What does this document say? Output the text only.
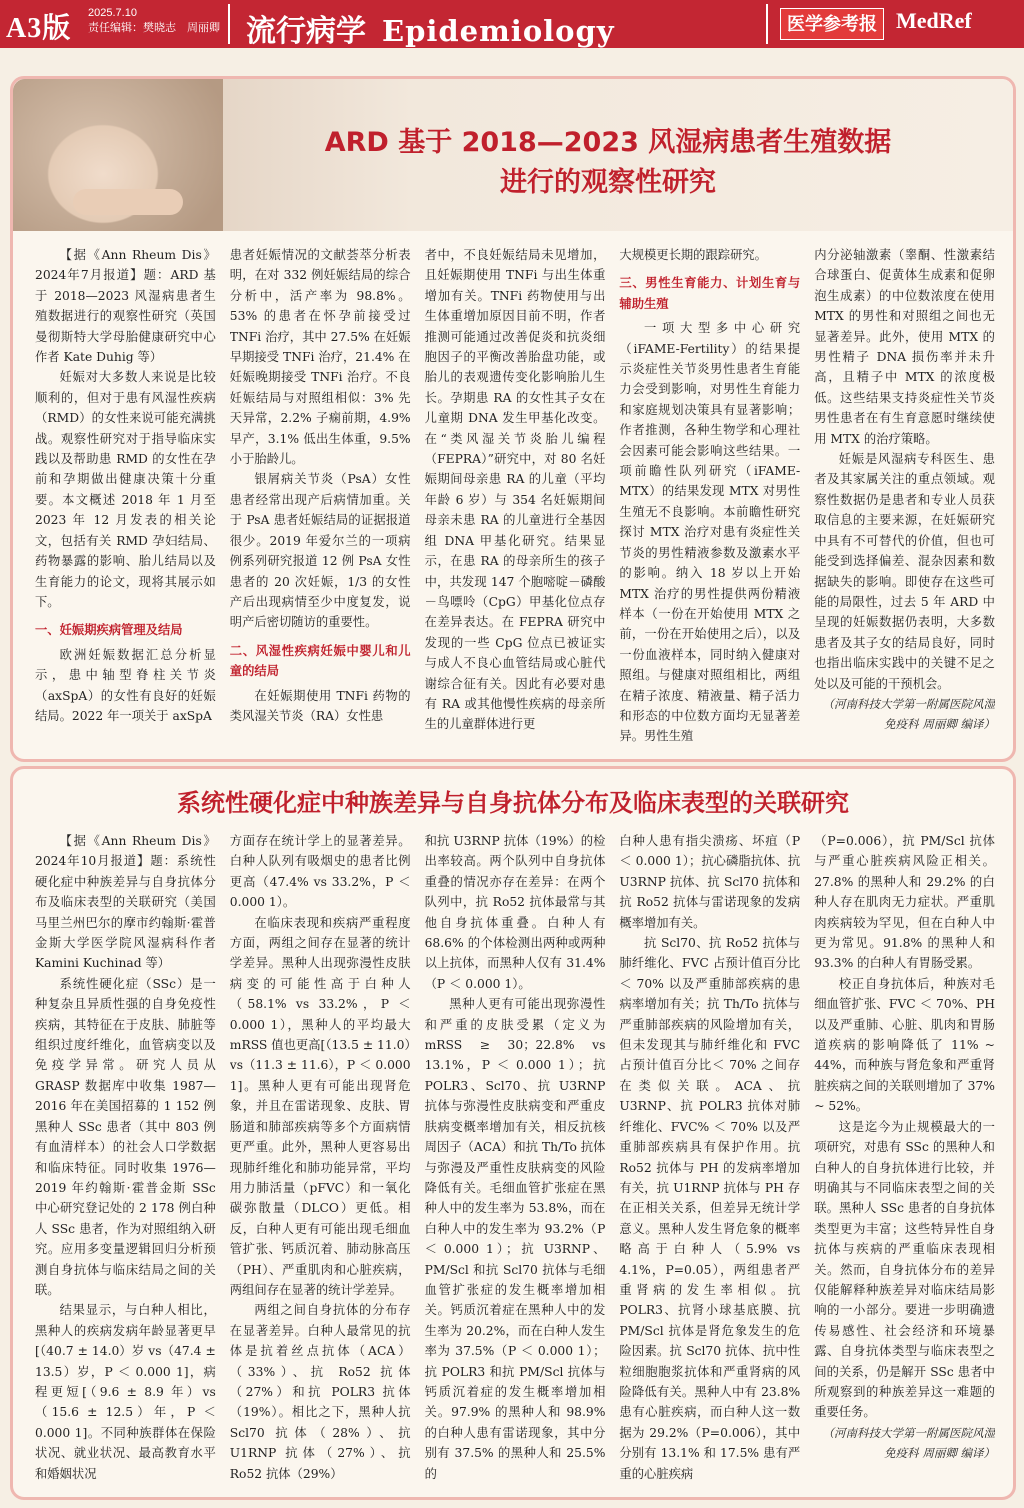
A3版 2025.7.10
责任编辑：樊晓志　周丽卿 流行病学 Epidemiology	医学参考报 MedRef
ARD 基于 2018—2023 风湿病患者生殖数据
进行的观察性研究

【据《Ann Rheum Dis》2024年7月报道】题：ARD 基于 2018—2023 风湿病患者生殖数据进行的观察性研究（英国曼彻斯特大学母胎健康研究中心作者 Kate Duhig 等）

妊娠对大多数人来说是比较顺利的，但对于患有风湿性疾病（RMD）的女性来说可能充满挑战。观察性研究对于指导临床实践以及帮助患 RMD 的女性在孕前和孕期做出健康决策十分重要。本文概述 2018 年 1 月至 2023 年 12 月发表的相关论文，包括有关 RMD 孕妇结局、药物暴露的影响、胎儿结局以及生育能力的论文，现将其展示如下。

一、妊娠期疾病管理及结局

欧洲妊娠数据汇总分析显示，患中轴型脊柱关节炎（axSpA）的女性有良好的妊娠结局。2022 年一项关于 axSpA

患者妊娠情况的文献荟萃分析表明，在对 332 例妊娠结局的综合分析中，活产率为 98.8%。53% 的患者在怀孕前接受过 TNFi 治疗，其中 27.5% 在妊娠早期接受 TNFi 治疗，21.4% 在妊娠晚期接受 TNFi 治疗。不良妊娠结局与对照组相似：3% 先天异常，2.2% 子痫前期，4.9% 早产，3.1% 低出生体重，9.5% 小于胎龄儿。

银屑病关节炎（PsA）女性患者经常出现产后病情加重。关于 PsA 患者妊娠结局的证据报道很少。2019 年爱尔兰的一项病例系列研究报道 12 例 PsA 女性患者的 20 次妊娠，1/3 的女性产后出现病情至少中度复发，说明产后密切随访的重要性。

二、风湿性疾病妊娠中婴儿和儿童的结局

在妊娠期使用 TNFi 药物的类风湿关节炎（RA）女性患

者中，不良妊娠结局未见增加，且妊娠期使用 TNFi 与出生体重增加有关。TNFi 药物使用与出生体重增加原因目前不明，作者推测可能通过改善促炎和抗炎细胞因子的平衡改善胎盘功能，或胎儿的表观遗传变化影响胎儿生长。孕期患 RA 的女性其子女在儿童期 DNA 发生甲基化改变。在“类风湿关节炎胎儿编程（FEPRA）”研究中，对 80 名妊娠期间母亲患 RA 的儿童（平均年龄 6 岁）与 354 名妊娠期间母亲未患 RA 的儿童进行全基因组 DNA 甲基化研究。结果显示，在患 RA 的母亲所生的孩子中，共发现 147 个胞嘧啶－磷酸－鸟嘌呤（CpG）甲基化位点存在差异表达。在 FEPRA 研究中发现的一些 CpG 位点已被证实与成人不良心血管结局或心脏代谢综合征有关。因此有必要对患有 RA 或其他慢性疾病的母亲所生的儿童群体进行更

大规模更长期的跟踪研究。

三、男性生育能力、计划生育与辅助生殖

一项大型多中心研究（iFAME-Fertility）的结果提示炎症性关节炎男性患者生育能力会受到影响，对男性生育能力和家庭规划决策具有显著影响；作者推测，各种生物学和心理社会因素可能会影响这些结果。一项前瞻性队列研究（iFAME-MTX）的结果发现 MTX 对男性生殖无不良影响。本前瞻性研究探讨 MTX 治疗对患有炎症性关节炎的男性精液参数及激素水平的影响。纳入 18 岁以上开始 MTX 治疗的男性提供两份精液样本（一份在开始使用 MTX 之前，一份在开始使用之后），以及一份血液样本，同时纳入健康对照组。与健康对照组相比，两组在精子浓度、精液量、精子活力和形态的中位数方面均无显著差异。男性生殖

内分泌轴激素（睾酮、性激素结合球蛋白、促黄体生成素和促卵泡生成素）的中位数浓度在使用 MTX 的男性和对照组之间也无显著差异。此外，使用 MTX 的男性精子 DNA 损伤率并未升高，且精子中 MTX 的浓度极低。这些结果支持炎症性关节炎男性患者在有生育意愿时继续使用 MTX 的治疗策略。

妊娠是风湿病专科医生、患者及其家属关注的重点领域。观察性数据仍是患者和专业人员获取信息的主要来源，在妊娠研究中具有不可替代的价值，但也可能受到选择偏差、混杂因素和数据缺失的影响。即使存在这些可能的局限性，过去 5 年 ARD 中呈现的妊娠数据仍表明，大多数患者及其子女的结局良好，同时也指出临床实践中的关键不足之处以及可能的干预机会。

（河南科技大学第一附属医院风湿免疫科 周丽卿 编译）

系统性硬化症中种族差异与自身抗体分布及临床表型的关联研究

【据《Ann Rheum Dis》2024年10月报道】题：系统性硬化症中种族差异与自身抗体分布及临床表型的关联研究（美国马里兰州巴尔的摩市约翰斯·霍普金斯大学医学院风湿病科作者 Kamini Kuchinad 等）

系统性硬化症（SSc）是一种复杂且异质性强的自身免疫性疾病，其特征在于皮肤、肺脏等组织过度纤维化，血管病变以及免疫学异常。研究人员从 GRASP 数据库中收集 1987—2016 年在美国招募的 1 152 例黑种人 SSc 患者（其中 803 例有血清样本）的社会人口学数据和临床特征。同时收集 1976—2019 年约翰斯·霍普金斯 SSc 中心研究登记处的 2 178 例白种人 SSc 患者，作为对照组纳入研究。应用多变量逻辑回归分析预测自身抗体与临床结局之间的关联。

结果显示，与白种人相比，黑种人的疾病发病年龄显著更早[（40.7 ± 14.0）岁 vs（47.4 ± 13.5）岁，P ＜ 0.000 1]，病程更短[（9.6 ± 8.9 年）vs（15.6 ± 12.5）年，P ＜ 0.000 1]。不同种族群体在保险状况、就业状况、最高教育水平和婚姻状况

方面存在统计学上的显著差异。白种人队列有吸烟史的患者比例更高（47.4% vs 33.2%，P ＜ 0.000 1）。

在临床表现和疾病严重程度方面，两组之间存在显著的统计学差异。黑种人出现弥漫性皮肤病变的可能性高于白种人（58.1% vs 33.2%，P ＜ 0.000 1），黑种人的平均最大 mRSS 值也更高[（13.5 ± 11.0）vs（11.3 ± 11.6），P ＜ 0.000 1]。黑种人更有可能出现肾危象，并且在雷诺现象、皮肤、胃肠道和肺部疾病等多个方面病情更严重。此外，黑种人更容易出现肺纤维化和肺功能异常，平均用力肺活量（pFVC）和一氧化碳弥散量（DLCO）更低。相反，白种人更有可能出现毛细血管扩张、钙质沉着、肺动脉高压（PH）、严重肌肉和心脏疾病，两组间存在显著的统计学差异。

两组之间自身抗体的分布存在显著差异。白种人最常见的抗体是抗着丝点抗体（ACA）（33%）、抗 Ro52 抗体（27%）和抗 POLR3 抗体（19%）。相比之下，黑种人抗 Scl70 抗体（28%）、抗 U1RNP 抗体（27%）、抗 Ro52 抗体（29%）

和抗 U3RNP 抗体（19%）的检出率较高。两个队列中自身抗体重叠的情况亦存在差异：在两个队列中，抗 Ro52 抗体最常与其他自身抗体重叠。白种人有 68.6% 的个体检测出两种或两种以上抗体，而黑种人仅有 31.4%（P ＜ 0.000 1）。

黑种人更有可能出现弥漫性和严重的皮肤受累（定义为 mRSS ≥ 30；22.8% vs 13.1%，P ＜ 0.000 1）；抗 POLR3、Scl70、抗 U3RNP 抗体与弥漫性皮肤病变和严重皮肤病变概率增加有关，相反抗核周因子（ACA）和抗 Th/To 抗体与弥漫及严重性皮肤病变的风险降低有关。毛细血管扩张症在黑种人中的发生率为 53.8%，而在白种人中的发生率为 93.2%（P ＜ 0.000 1）；抗 U3RNP、PM/Scl 和抗 Scl70 抗体与毛细血管扩张症的发生概率增加相关。钙质沉着症在黑种人中的发生率为 20.2%，而在白种人发生率为 37.5%（P ＜ 0.000 1）；抗 POLR3 和抗 PM/Scl 抗体与钙质沉着症的发生概率增加相关。97.9% 的黑种人和 98.9% 的白种人患有雷诺现象，其中分别有 37.5% 的黑种人和 25.5% 的

白种人患有指尖溃疡、坏疽（P ＜ 0.000 1）；抗心磷脂抗体、抗 U3RNP 抗体、抗 Scl70 抗体和抗 Ro52 抗体与雷诺现象的发病概率增加有关。

抗 Scl70、抗 Ro52 抗体与肺纤维化、FVC 占预计值百分比 ＜ 70% 以及严重肺部疾病的患病率增加有关；抗 Th/To 抗体与严重肺部疾病的风险增加有关，但未发现其与肺纤维化和 FVC 占预计值百分比＜ 70% 之间存在类似关联。ACA、抗 U3RNP、抗 POLR3 抗体对肺纤维化、FVC% ＜ 70% 以及严重肺部疾病具有保护作用。抗 Ro52 抗体与 PH 的发病率增加有关，抗 U1RNP 抗体与 PH 存在正相关关系，但差异无统计学意义。黑种人发生肾危象的概率略高于白种人（5.9% vs 4.1%，P=0.05），两组患者严重肾病的发生率相似。抗 POLR3、抗肾小球基底膜、抗 PM/Scl 抗体是肾危象发生的危险因素。抗 Scl70 抗体、抗中性粒细胞胞浆抗体和严重肾病的风险降低有关。黑种人中有 23.8% 患有心脏疾病，而白种人这一数据为 29.2%（P=0.006），其中分别有 13.1% 和 17.5% 患有严重的心脏疾病

（P=0.006），抗 PM/Scl 抗体与严重心脏疾病风险正相关。27.8% 的黑种人和 29.2% 的白种人存在肌肉无力症状。严重肌肉疾病较为罕见，但在白种人中更为常见。91.8% 的黑种人和 93.3% 的白种人有胃肠受累。

校正自身抗体后，种族对毛细血管扩张、FVC ＜ 70%、PH 以及严重肺、心脏、肌肉和胃肠道疾病的影响降低了 11% ~ 44%，而种族与肾危象和严重肾脏疾病之间的关联则增加了 37% ~ 52%。

这是迄今为止规模最大的一项研究，对患有 SSc 的黑种人和白种人的自身抗体进行比较，并明确其与不同临床表型之间的关联。黑种人 SSc 患者的自身抗体类型更为丰富；这些特异性自身抗体与疾病的严重临床表现相关。然而，自身抗体分布的差异仅能解释种族差异对临床结局影响的一小部分。要进一步明确遗传易感性、社会经济和环境暴露、自身抗体类型与临床表型之间的关系，仍是解开 SSc 患者中所观察到的种族差异这一难题的重要任务。

（河南科技大学第一附属医院风湿免疫科 周丽卿 编译）
